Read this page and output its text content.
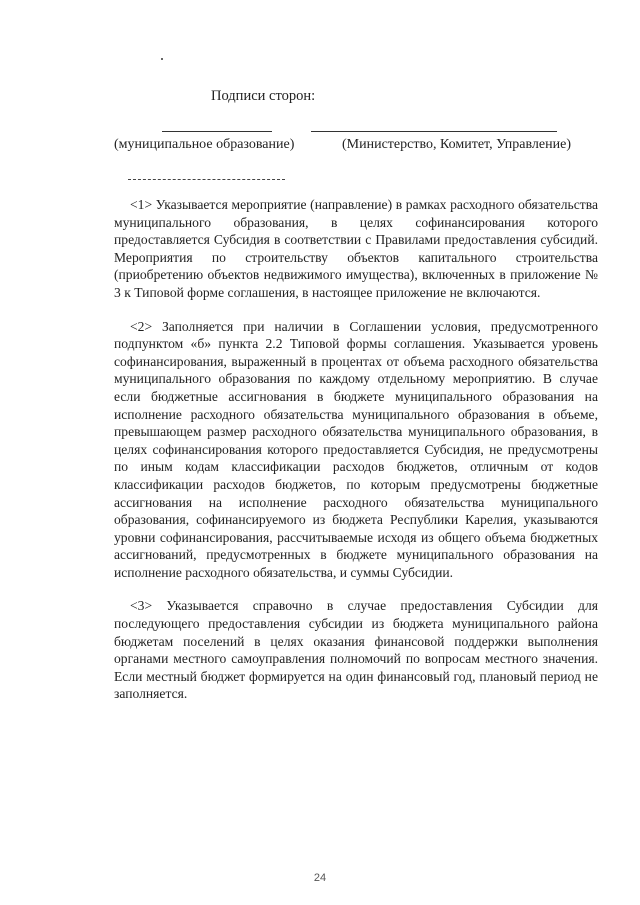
Подписи сторон:
(муниципальное образование)	(Министерство, Комитет, Управление)

<1> Указывается мероприятие (направление) в рамках расходного обязательства муниципального образования, в целях софинансирования которого предоставляется Субсидия в соответствии с Правилами предоставления субсидий. Мероприятия по строительству объектов капитального строительства (приобретению объектов недвижимого имущества), включенных в приложение № 3 к Типовой форме соглашения, в настоящее приложение не включаются.

<2> Заполняется при наличии в Соглашении условия, предусмотренного подпунктом «б» пункта 2.2 Типовой формы соглашения. Указывается уровень софинансирования, выраженный в процентах от объема расходного обязательства муниципального образования по каждому отдельному мероприятию. В случае если бюджетные ассигнования в бюджете муниципального образования на исполнение расходного обязательства муниципального образования в объеме, превышающем размер расходного обязательства муниципального образования, в целях софинансирования которого предоставляется Субсидия, не предусмотрены по иным кодам классификации расходов бюджетов, отличным от кодов классификации расходов бюджетов, по которым предусмотрены бюджетные ассигнования на исполнение расходного обязательства муниципального образования, софинансируемого из бюджета Республики Карелия, указываются уровни софинансирования, рассчитываемые исходя из общего объема бюджетных ассигнований, предусмотренных в бюджете муниципального образования на исполнение расходного обязательства, и суммы Субсидии.

<3> Указывается справочно в случае предоставления Субсидии для последующего предоставления субсидии из бюджета муниципального района бюджетам поселений в целях оказания финансовой поддержки выполнения органами местного самоуправления полномочий по вопросам местного значения. Если местный бюджет формируется на один финансовый год, плановый период не заполняется.

24
